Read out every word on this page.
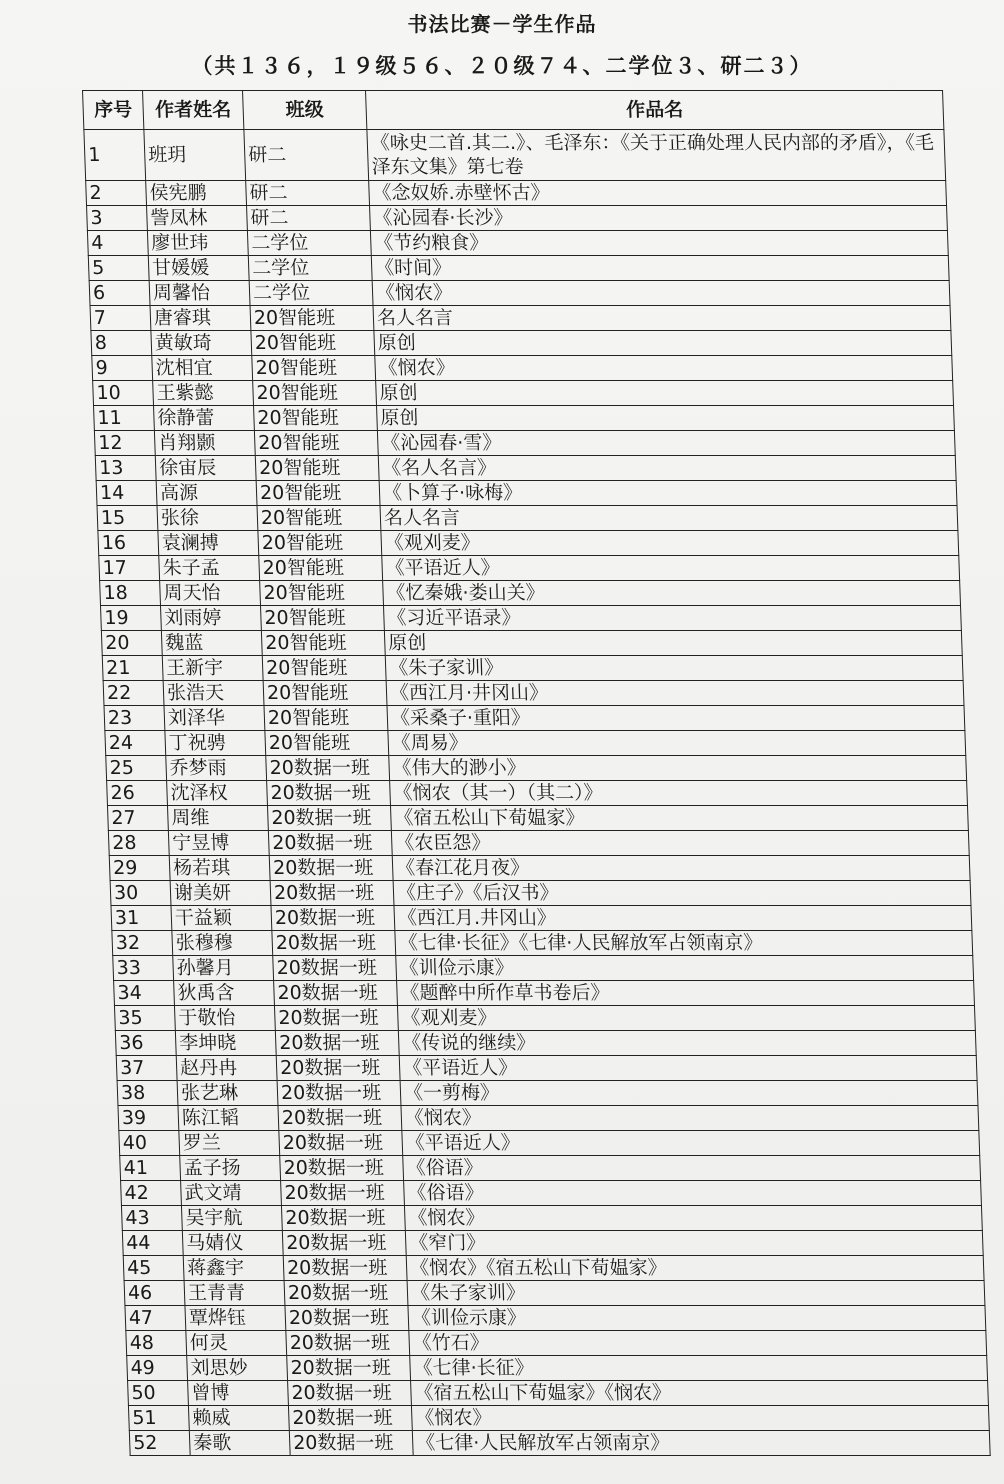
书法比赛－学生作品
（共１３６，１９级５６、２０级７４、二学位３、研二３）
序号	作者姓名	班级	作品名
1	班玥	研二	《咏史二首.其二.》、毛泽东：《关于正确处理人民内部的矛盾》，《毛泽东文集》第七卷
2	侯宪鹏	研二	《念奴娇.赤壁怀古》
3	訾凤林	研二	《沁园春·长沙》
4	廖世玮	二学位	《节约粮食》
5	甘媛媛	二学位	《时间》
6	周馨怡	二学位	《悯农》
7	唐睿琪	20智能班	名人名言
8	黄敏琦	20智能班	原创
9	沈相宜	20智能班	《悯农》
10	王紫懿	20智能班	原创
11	徐静蕾	20智能班	原创
12	肖翔颢	20智能班	《沁园春·雪》
13	徐宙辰	20智能班	《名人名言》
14	高源	20智能班	《卜算子·咏梅》
15	张徐	20智能班	名人名言
16	袁澜搏	20智能班	《观刈麦》
17	朱子孟	20智能班	《平语近人》
18	周天怡	20智能班	《忆秦娥·娄山关》
19	刘雨婷	20智能班	《习近平语录》
20	魏蓝	20智能班	原创
21	王新宇	20智能班	《朱子家训》
22	张浩天	20智能班	《西江月·井冈山》
23	刘泽华	20智能班	《采桑子·重阳》
24	丁祝骋	20智能班	《周易》
25	乔梦雨	20数据一班	《伟大的渺小》
26	沈泽权	20数据一班	《悯农（其一）（其二）》
27	周维	20数据一班	《宿五松山下荀媪家》
28	宁昱博	20数据一班	《农臣怨》
29	杨若琪	20数据一班	《春江花月夜》
30	谢美妍	20数据一班	《庄子》《后汉书》
31	干益颖	20数据一班	《西江月.井冈山》
32	张穆穆	20数据一班	《七律·长征》《七律·人民解放军占领南京》
33	孙馨月	20数据一班	《训俭示康》
34	狄禹含	20数据一班	《题醉中所作草书卷后》
35	于敬怡	20数据一班	《观刈麦》
36	李坤晓	20数据一班	《传说的继续》
37	赵丹冉	20数据一班	《平语近人》
38	张艺琳	20数据一班	《一剪梅》
39	陈江韬	20数据一班	《悯农》
40	罗兰	20数据一班	《平语近人》
41	孟子扬	20数据一班	《俗语》
42	武文靖	20数据一班	《俗语》
43	吴宇航	20数据一班	《悯农》
44	马婧仪	20数据一班	《窄门》
45	蒋鑫宇	20数据一班	《悯农》《宿五松山下荀媪家》
46	王青青	20数据一班	《朱子家训》
47	覃烨钰	20数据一班	《训俭示康》
48	何灵	20数据一班	《竹石》
49	刘思妙	20数据一班	《七律·长征》
50	曾博	20数据一班	《宿五松山下荀媪家》《悯农》
51	赖威	20数据一班	《悯农》
52	秦歌	20数据一班	《七律·人民解放军占领南京》
